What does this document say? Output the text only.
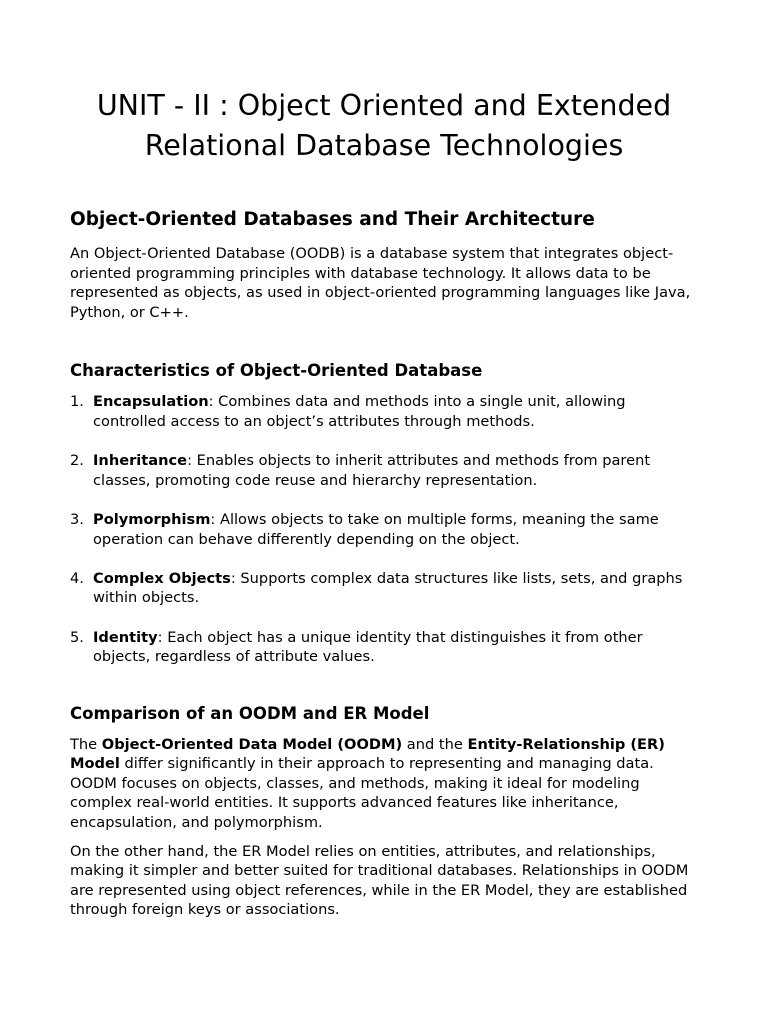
UNIT - II : Object Oriented and Extended Relational Database Technologies
Object-Oriented Databases and Their Architecture

An Object-Oriented Database (OODB) is a database system that integrates object-oriented programming principles with database technology. It allows data to be represented as objects, as used in object-oriented programming languages like Java, Python, or C++.

Characteristics of Object-Oriented Database
1. Encapsulation: Combines data and methods into a single unit, allowing controlled access to an object’s attributes through methods.
2. Inheritance: Enables objects to inherit attributes and methods from parent classes, promoting code reuse and hierarchy representation.
3. Polymorphism: Allows objects to take on multiple forms, meaning the same operation can behave differently depending on the object.
4. Complex Objects: Supports complex data structures like lists, sets, and graphs within objects.
5. Identity: Each object has a unique identity that distinguishes it from other objects, regardless of attribute values.
Comparison of an OODM and ER Model

The Object-Oriented Data Model (OODM) and the Entity-Relationship (ER) Model differ significantly in their approach to representing and managing data. OODM focuses on objects, classes, and methods, making it ideal for modeling complex real-world entities. It supports advanced features like inheritance, encapsulation, and polymorphism.

On the other hand, the ER Model relies on entities, attributes, and relationships, making it simpler and better suited for traditional databases. Relationships in OODM are represented using object references, while in the ER Model, they are established through foreign keys or associations.
